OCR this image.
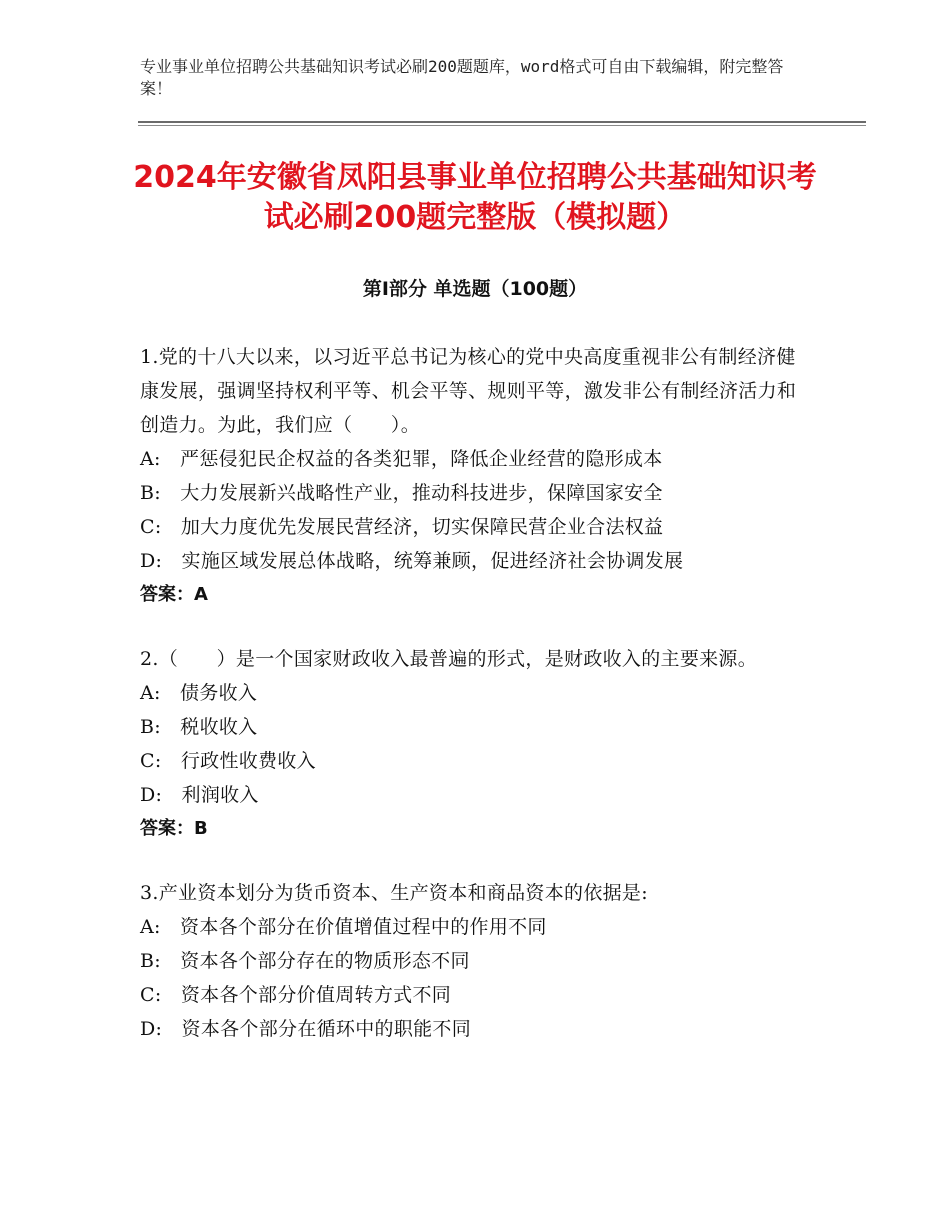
专业事业单位招聘公共基础知识考试必刷200题题库，word格式可自由下载编辑，附完整答案！
2024年安徽省凤阳县事业单位招聘公共基础知识考试必刷200题完整版（模拟题）
第Ⅰ部分 单选题（100题）

1.党的十八大以来，以习近平总书记为核心的党中央高度重视非公有制经济健康发展，强调坚持权利平等、机会平等、规则平等，激发非公有制经济活力和创造力。为此，我们应（　　）。

A:　严惩侵犯民企权益的各类犯罪，降低企业经营的隐形成本

B:　大力发展新兴战略性产业，推动科技进步，保障国家安全

C:　加大力度优先发展民营经济，切实保障民营企业合法权益

D:　实施区域发展总体战略，统筹兼顾，促进经济社会协调发展

答案：A

2.（　　）是一个国家财政收入最普遍的形式，是财政收入的主要来源。

A:　债务收入

B:　税收收入

C:　行政性收费收入

D:　利润收入

答案：B

3.产业资本划分为货币资本、生产资本和商品资本的依据是:

A:　资本各个部分在价值增值过程中的作用不同

B:　资本各个部分存在的物质形态不同

C:　资本各个部分价值周转方式不同

D:　资本各个部分在循环中的职能不同
